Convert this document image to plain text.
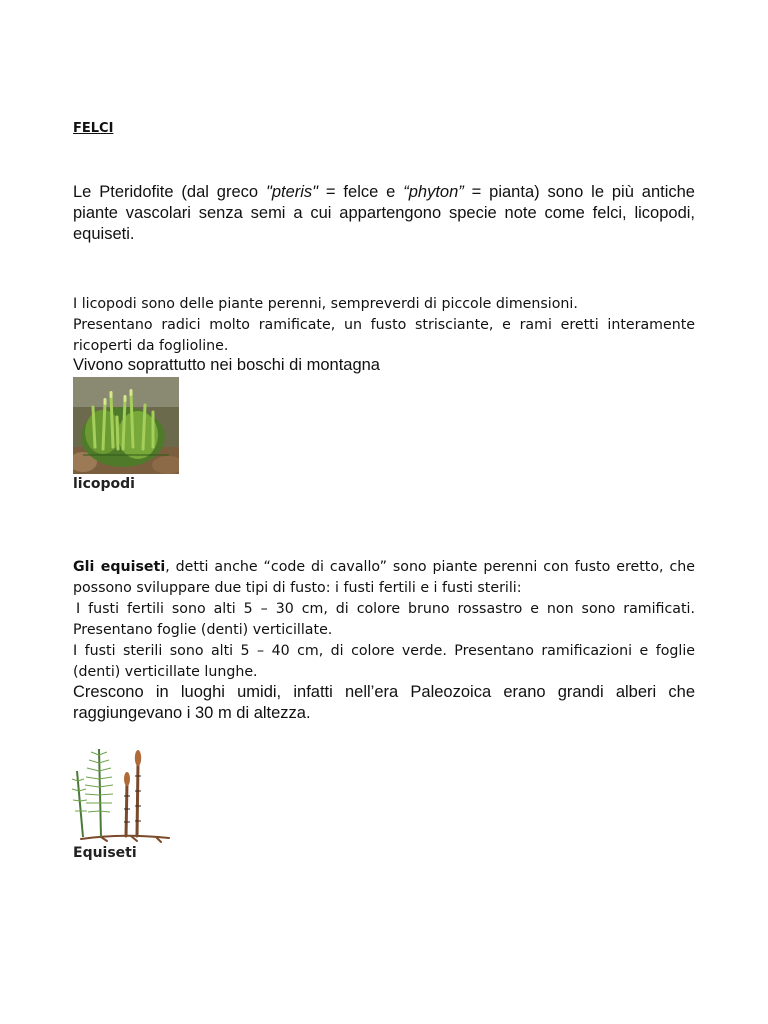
FELCI
Le Pteridofite (dal greco "pteris" = felce e “phyton” = pianta) sono le più antiche piante vascolari senza semi a cui appartengono specie note come felci, licopodi, equiseti.
I licopodi sono delle piante perenni, sempreverdi di piccole dimensioni.
Presentano radici molto ramificate, un fusto strisciante, e rami eretti interamente ricoperti da foglioline.
Vivono soprattutto nei boschi di montagna
licopodi
Gli equiseti, detti anche “code di cavallo” sono piante perenni con fusto eretto, che possono sviluppare due tipi di fusto: i fusti fertili e i fusti sterili:
I fusti fertili sono alti 5 – 30 cm, di colore bruno rossastro e non sono ramificati. Presentano foglie (denti) verticillate.
I fusti sterili sono alti 5 – 40 cm, di colore verde. Presentano ramificazioni e foglie (denti) verticillate lunghe.
Crescono in luoghi umidi, infatti nell’era Paleozoica erano grandi alberi che raggiungevano i 30 m di altezza.
Equiseti
